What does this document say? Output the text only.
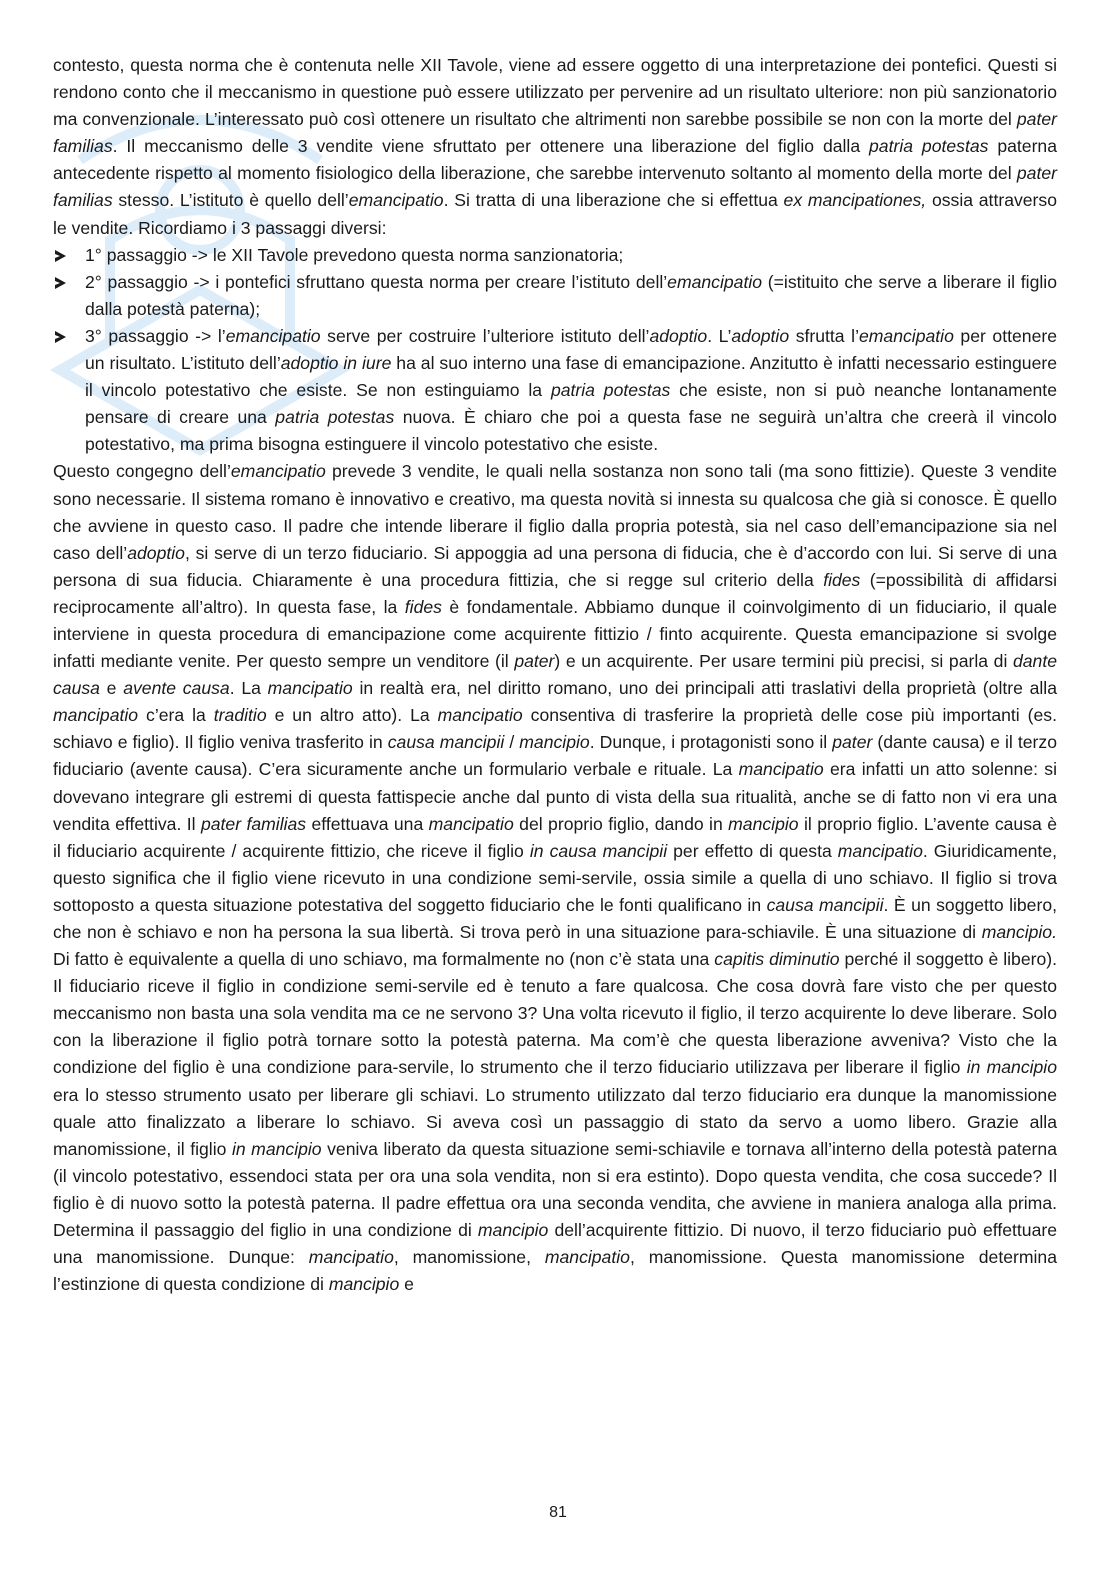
contesto, questa norma che è contenuta nelle XII Tavole, viene ad essere oggetto di una interpretazione dei pontefici. Questi si rendono conto che il meccanismo in questione può essere utilizzato per pervenire ad un risultato ulteriore: non più sanzionatorio ma convenzionale. L’interessato può così ottenere un risultato che altrimenti non sarebbe possibile se non con la morte del pater familias. Il meccanismo delle 3 vendite viene sfruttato per ottenere una liberazione del figlio dalla patria potestas paterna antecedente rispetto al momento fisiologico della liberazione, che sarebbe intervenuto soltanto al momento della morte del pater familias stesso. L’istituto è quello dell’emancipatio. Si tratta di una liberazione che si effettua ex mancipationes, ossia attraverso le vendite. Ricordiamo i 3 passaggi diversi:

1° passaggio -> le XII Tavole prevedono questa norma sanzionatoria;
2° passaggio -> i pontefici sfruttano questa norma per creare l’istituto dell’emancipatio (=istituito che serve a liberare il figlio dalla potestà paterna);
3° passaggio -> l’emancipatio serve per costruire l’ulteriore istituto dell’adoptio. L’adoptio sfrutta l’emancipatio per ottenere un risultato. L’istituto dell’adoptio in iure ha al suo interno una fase di emancipazione. Anzitutto è infatti necessario estinguere il vincolo potestativo che esiste. Se non estinguiamo la patria potestas che esiste, non si può neanche lontanamente pensare di creare una patria potestas nuova. È chiaro che poi a questa fase ne seguirà un’altra che creerà il vincolo potestativo, ma prima bisogna estinguere il vincolo potestativo che esiste.

Questo congegno dell’emancipatio prevede 3 vendite, le quali nella sostanza non sono tali (ma sono fittizie). Queste 3 vendite sono necessarie. Il sistema romano è innovativo e creativo, ma questa novità si innesta su qualcosa che già si conosce. È quello che avviene in questo caso. Il padre che intende liberare il figlio dalla propria potestà, sia nel caso dell’emancipazione sia nel caso dell’adoptio, si serve di un terzo fiduciario. Si appoggia ad una persona di fiducia, che è d’accordo con lui. Si serve di una persona di sua fiducia. Chiaramente è una procedura fittizia, che si regge sul criterio della fides (=possibilità di affidarsi reciprocamente all’altro). In questa fase, la fides è fondamentale. Abbiamo dunque il coinvolgimento di un fiduciario, il quale interviene in questa procedura di emancipazione come acquirente fittizio / finto acquirente. Questa emancipazione si svolge infatti mediante venite. Per questo sempre un venditore (il pater) e un acquirente. Per usare termini più precisi, si parla di dante causa e avente causa. La mancipatio in realtà era, nel diritto romano, uno dei principali atti traslativi della proprietà (oltre alla mancipatio c’era la traditio e un altro atto). La mancipatio consentiva di trasferire la proprietà delle cose più importanti (es. schiavo e figlio). Il figlio veniva trasferito in causa mancipii / mancipio. Dunque, i protagonisti sono il pater (dante causa) e il terzo fiduciario (avente causa). C’era sicuramente anche un formulario verbale e rituale. La mancipatio era infatti un atto solenne: si dovevano integrare gli estremi di questa fattispecie anche dal punto di vista della sua ritualità, anche se di fatto non vi era una vendita effettiva. Il pater familias effettuava una mancipatio del proprio figlio, dando in mancipio il proprio figlio. L’avente causa è il fiduciario acquirente / acquirente fittizio, che riceve il figlio in causa mancipii per effetto di questa mancipatio. Giuridicamente, questo significa che il figlio viene ricevuto in una condizione semi-servile, ossia simile a quella di uno schiavo. Il figlio si trova sottoposto a questa situazione potestativa del soggetto fiduciario che le fonti qualificano in causa mancipii. È un soggetto libero, che non è schiavo e non ha persona la sua libertà. Si trova però in una situazione para-schiavile. È una situazione di mancipio. Di fatto è equivalente a quella di uno schiavo, ma formalmente no (non c’è stata una capitis diminutio perché il soggetto è libero). Il fiduciario riceve il figlio in condizione semi-servile ed è tenuto a fare qualcosa. Che cosa dovrà fare visto che per questo meccanismo non basta una sola vendita ma ce ne servono 3? Una volta ricevuto il figlio, il terzo acquirente lo deve liberare. Solo con la liberazione il figlio potrà tornare sotto la potestà paterna. Ma com’è che questa liberazione avveniva? Visto che la condizione del figlio è una condizione para-servile, lo strumento che il terzo fiduciario utilizzava per liberare il figlio in mancipio era lo stesso strumento usato per liberare gli schiavi. Lo strumento utilizzato dal terzo fiduciario era dunque la manomissione quale atto finalizzato a liberare lo schiavo. Si aveva così un passaggio di stato da servo a uomo libero. Grazie alla manomissione, il figlio in mancipio veniva liberato da questa situazione semi-schiavile e tornava all’interno della potestà paterna (il vincolo potestativo, essendoci stata per ora una sola vendita, non si era estinto). Dopo questa vendita, che cosa succede? Il figlio è di nuovo sotto la potestà paterna. Il padre effettua ora una seconda vendita, che avviene in maniera analoga alla prima. Determina il passaggio del figlio in una condizione di mancipio dell’acquirente fittizio. Di nuovo, il terzo fiduciario può effettuare una manomissione. Dunque: mancipatio, manomissione, mancipatio, manomissione. Questa manomissione determina l’estinzione di questa condizione di mancipio e

81
